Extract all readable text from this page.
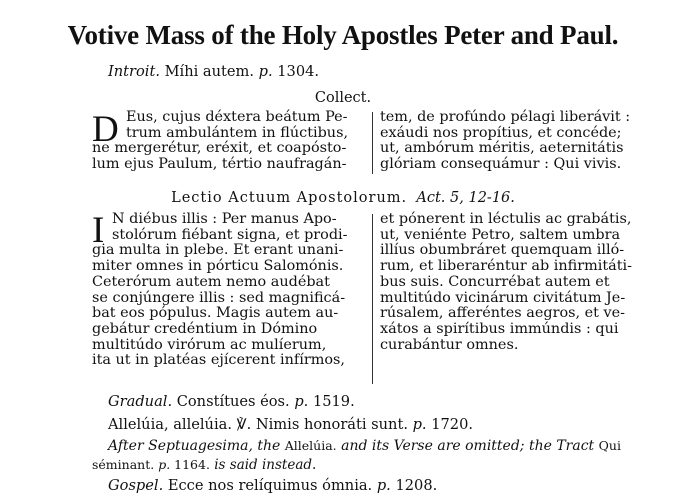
Votive Mass of the Holy Apostles Peter and Paul.
Introit. Míhi autem. p. 1304.
Collect.
D Eus, cujus déxtera beátum Pe-
trum ambulántem in flúctibus,
ne mergerétur, eréxit, et coapósto-
lum ejus Paulum, tértio naufragán-
tem, de profúndo pélagi liberávit :
exáudi nos propítius, et concéde;
ut, ambórum méritis, aeternitátis
glóriam consequámur : Qui vivis.
Lectio Actuum Apostolorum. Act. 5, 12-16.
I N diébus illis : Per manus Apo-
stolórum fiébant signa, et prodi-
gia multa in plebe. Et erant unani-
miter omnes in pórticu Salomónis.
Ceterórum autem nemo audébat
se conjúngere illis : sed magnificá-
bat eos pópulus. Magis autem au-
gebátur credéntium in Dómino
multitúdo virórum ac mulíerum,
ita ut in platéas ejícerent infírmos,
et pónerent in léctulis ac grabátis,
ut, veniénte Petro, saltem umbra
illíus obumbráret quemquam illó-
rum, et liberaréntur ab infirmitáti-
bus suis. Concurrébat autem et
multitúdo vicinárum civitátum Je-
rúsalem, afferéntes aegros, et ve-
xátos a spirítibus immúndis : qui
curabántur omnes.
Gradual. Constítues éos. p. 1519.
Allelúia, allelúia. ℣. Nimis honoráti sunt. p. 1720.
After Septuagesima, the Allelúia. and its Verse are omitted; the Tract Qui
séminant. p. 1164. is said instead.
Gospel. Ecce nos relíquimus ómnia. p. 1208.
